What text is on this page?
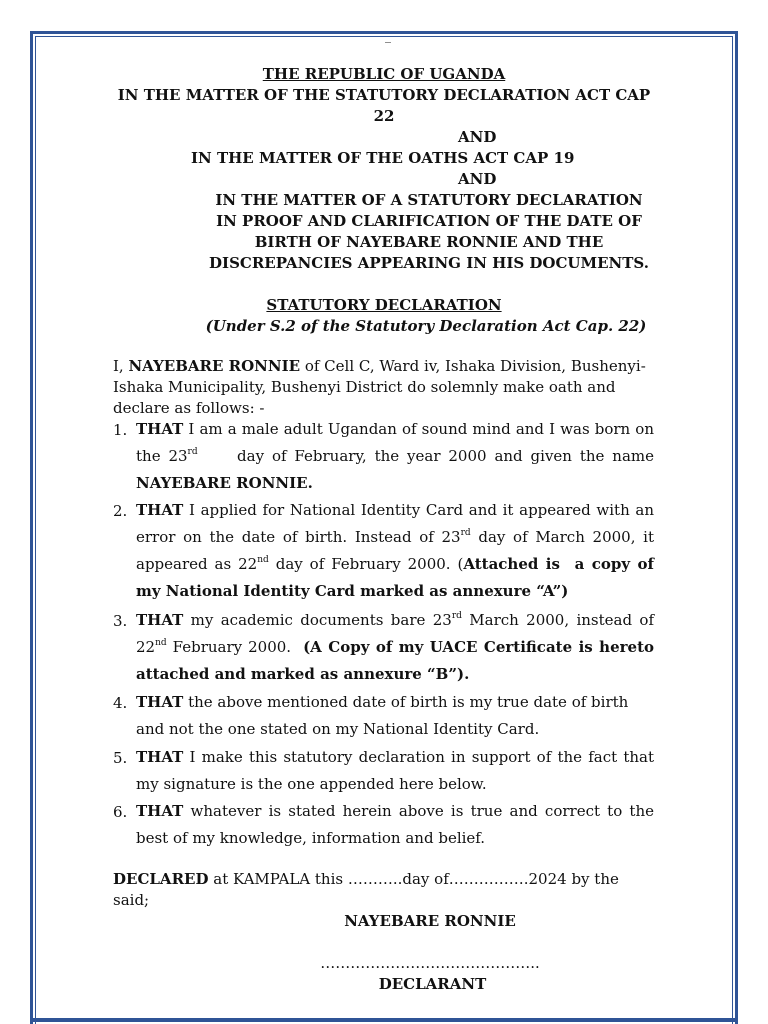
_
THE REPUBLIC OF UGANDA
IN THE MATTER OF THE STATUTORY DECLARATION ACT CAP
22
AND
IN THE MATTER OF THE OATHS ACT CAP 19
AND
IN THE MATTER OF A STATUTORY DECLARATION
IN PROOF AND CLARIFICATION OF THE DATE OF
BIRTH OF NAYEBARE RONNIE AND THE
DISCREPANCIES APPEARING IN HIS DOCUMENTS.
STATUTORY DECLARATION
(Under S.2 of the Statutory Declaration Act Cap. 22)
I, NAYEBARE RONNIE of Cell C, Ward iv, Ishaka Division, Bushenyi-Ishaka Municipality, Bushenyi District do solemnly make oath and declare as follows: -
1. THAT I am a male adult Ugandan of sound mind and I was born on the 23rd     day of February, the year 2000 and given the name NAYEBARE RONNIE.
2. THAT I applied for National Identity Card and it appeared with an error on the date of birth. Instead of 23rd day of March 2000, it appeared as 22nd day of February 2000. (Attached is  a copy of my National Identity Card marked as annexure “A”)
3. THAT my academic documents bare 23rd March 2000, instead of 22nd February 2000.  (A Copy of my UACE Certificate is hereto attached and marked as annexure “B”).
4. THAT the above mentioned date of birth is my true date of birth and not the one stated on my National Identity Card.
5. THAT I make this statutory declaration in support of the fact that my signature is the one appended here below.
6. THAT whatever is stated herein above is true and correct to the best of my knowledge, information and belief.
DECLARED at KAMPALA this ………..day of…………….2024 by the said;
NAYEBARE RONNIE
……………………………………..
DECLARANT
